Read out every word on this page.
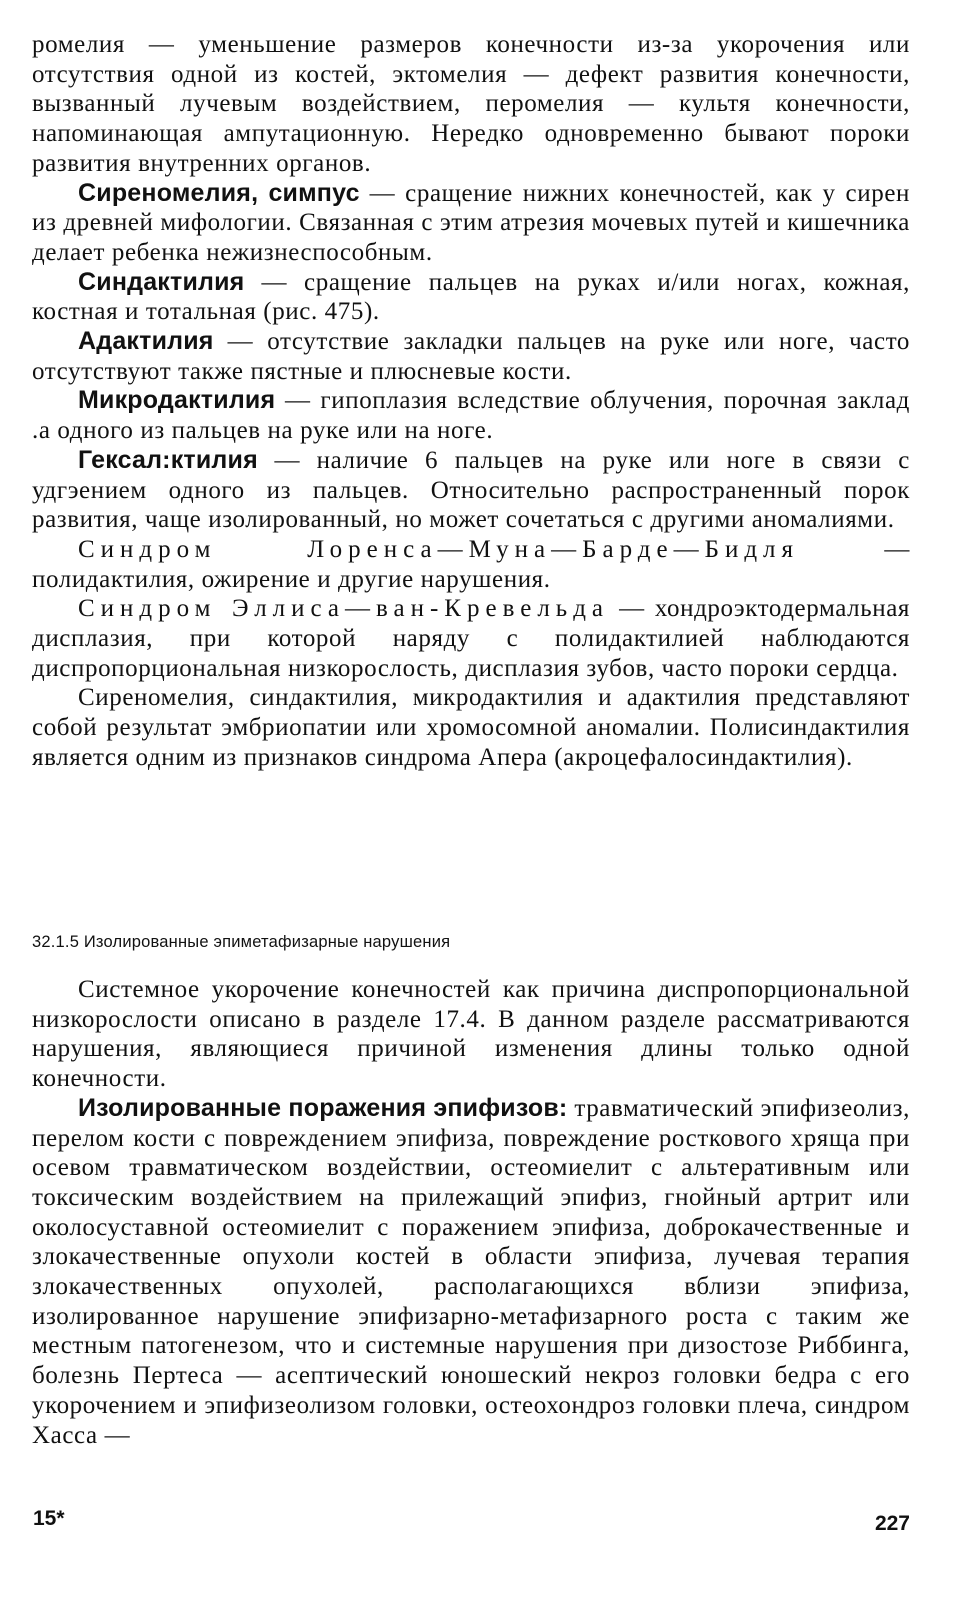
ромелия — уменьшение размеров конечности из-за укорочения или отсутствия одной из костей, эктомелия — дефект развития конечности, вызванный лучевым воздействием, перомелия — культя конечности, напоминающая ампутационную. Нередко одновременно бывают пороки развития внутренних органов.

Сиреномелия, симпус — сращение нижних конечностей, как у сирен из древней мифологии. Связанная с этим атрезия мочевых путей и кишечника делает ребенка нежизнеспособным.

Синдактилия — сращение пальцев на руках и/или ногах, кожная, костная и тотальная (рис. 475).

Адактилия — отсутствие закладки пальцев на руке или ноге, часто отсутствуют также пястные и плюсневые кости.

Микродактилия — гипоплазия вследствие облучения, порочная заклад .а одного из пальцев на руке или на ноге.

Гексал:ктилия — наличие 6 пальцев на руке или ноге в связи с удгэением одного из пальцев. Относительно распространенный порок развития, чаще изолированный, но может сочетаться с другими аномалиями.

Синдром Лоренса—Муна—Барде—Бидля — полидактилия, ожирение и другие нарушения.

Синдром Эллиса—ван-Кревельда — хондроэктодермальная дисплазия, при которой наряду с полидактилией наблюдаются диспропорциональная низкорослость, дисплазия зубов, часто пороки сердца.

Сиреномелия, синдактилия, микродактилия и адактилия представляют собой результат эмбриопатии или хромосомной аномалии. Полисиндактилия является одним из признаков синдрома Апера (акроцефалосиндактилия).

32.1.5 Изолированные эпиметафизарные нарушения

Системное укорочение конечностей как причина диспропорциональной низкорослости описано в разделе 17.4. В данном разделе рассматриваются нарушения, являющиеся причиной изменения длины только одной конечности.

Изолированные поражения эпифизов: травматический эпифизеолиз, перелом кости с повреждением эпифиза, повреждение росткового хряща при осевом травматическом воздействии, остеомиелит с альтеративным или токсическим воздействием на прилежащий эпифиз, гнойный артрит или околосуставной остеомиелит с поражением эпифиза, доброкачественные и злокачественные опухоли костей в области эпифиза, лучевая терапия злокачественных опухолей, располагающихся вблизи эпифиза, изолированное нарушение эпифизарно-метафизарного роста с таким же местным патогенезом, что и системные нарушения при дизостозе Риббинга, болезнь Пертеса — асептический юношеский некроз головки бедра с его укорочением и эпифизеолизом головки, остеохондроз головки плеча, синдром Хасса —

15*	227
